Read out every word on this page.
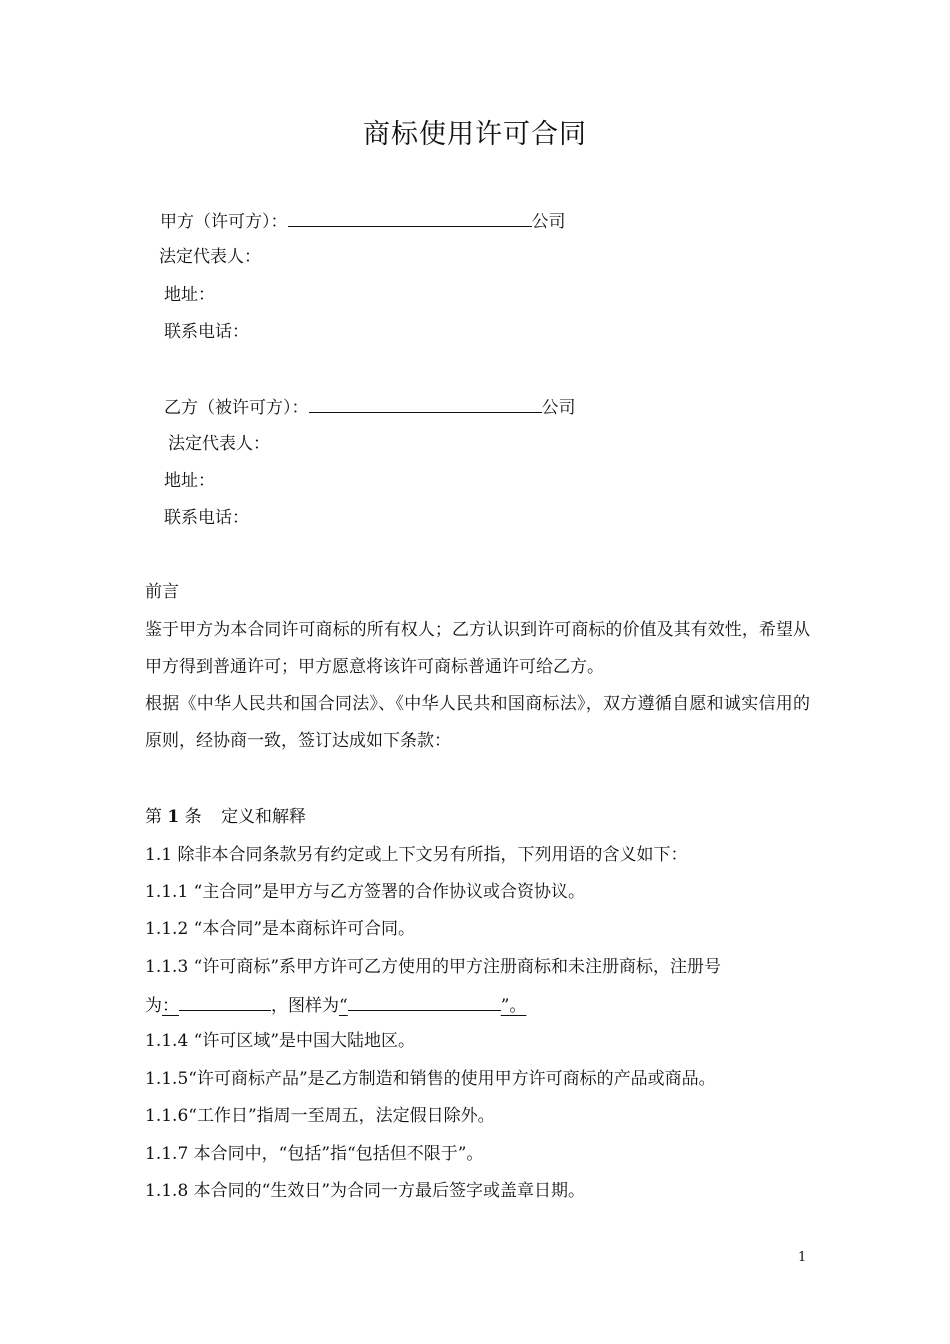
商标使用许可合同
甲方（许可方）：	公司
法定代表人：
地址：
联系电话：
乙方（被许可方）：	公司
法定代表人：
地址：
联系电话：
前言
鉴于甲方为本合同许可商标的所有权人；乙方认识到许可商标的价值及其有效性，希望从甲方得到普通许可；甲方愿意将该许可商标普通许可给乙方。
根据《中华人民共和国合同法》、《中华人民共和国商标法》，双方遵循自愿和诚实信用的原则，经协商一致，签订达成如下条款：
第 1 条 定义和解释
1.1 除非本合同条款另有约定或上下文另有所指，下列用语的含义如下：
1.1.1 “主合同”是甲方与乙方签署的合作协议或合资协议。
1.1.2 “本合同”是本商标许可合同。
1.1.3 “许可商标”系甲方许可乙方使用的甲方注册商标和未注册商标，注册号
为：	，图样为“	”。
1.1.4 “许可区域”是中国大陆地区。
1.1.5“许可商标产品”是乙方制造和销售的使用甲方许可商标的产品或商品。
1.1.6“工作日”指周一至周五，法定假日除外。
1.1.7 本合同中，“包括”指“包括但不限于”。
1.1.8 本合同的“生效日”为合同一方最后签字或盖章日期。
1
